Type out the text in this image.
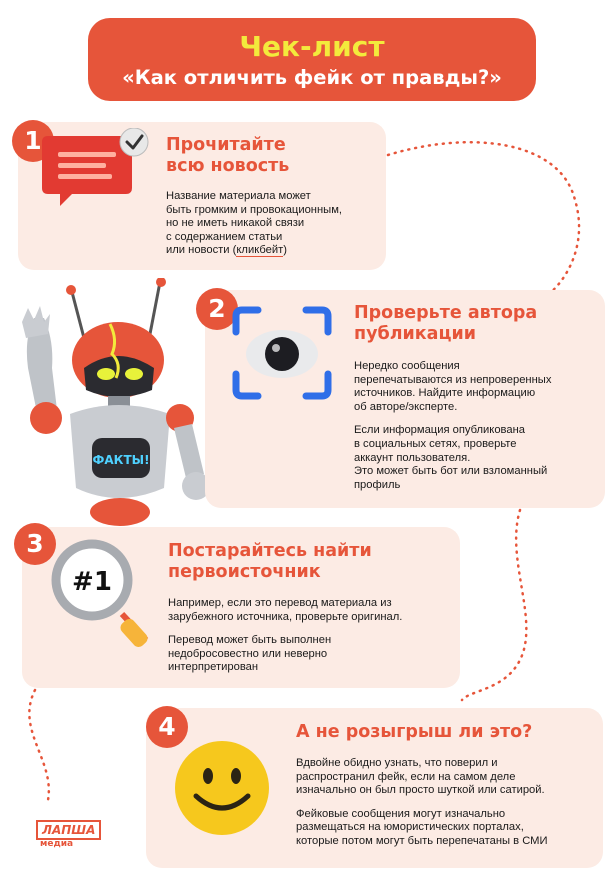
Чек-лист
«Как отличить фейк от правды?»
1	Прочитайте
всю новость

Название материала может

быть громким и провокационным,

но не иметь никакой связи

с содержанием статьи

или новости (кликбейт)

ФАКТЫ!
2	Проверьте автора
публикации

Нередко сообщения

перепечатываются из непроверенных

источников. Найдите информацию

об авторе/эксперте.

Если информация опубликована

в социальных сетях, проверьте

аккаунт пользователя.

Это может быть бот или взломанный

профиль

3
#1
Постарайтесь найти
первоисточник

Например, если это перевод материала из

зарубежного источника, проверьте оригинал.

Перевод может быть выполнен

недобросовестно или неверно

интерпретирован

4	А не розыгрыш ли это?

Вдвойне обидно узнать, что поверил и

распространил фейк, если на самом деле

изначально он был просто шуткой или сатирой.

Фейковые сообщения могут изначально

размещаться на юмористических порталах,

которые потом могут быть перепечатаны в СМИ

ЛАПША
медиа
